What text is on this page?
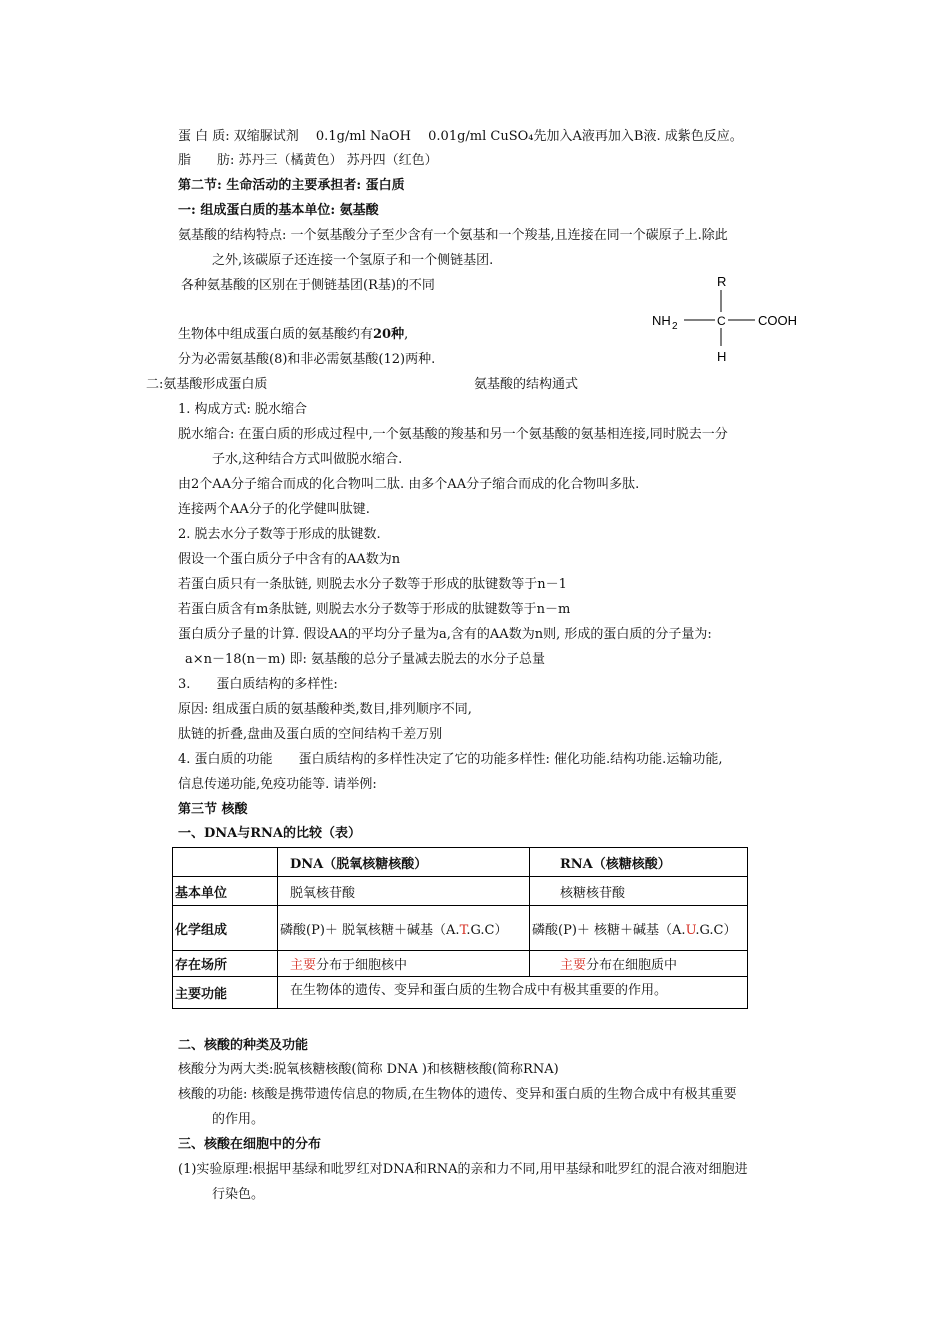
蛋 白 质: 双缩脲试剂　 0.1g/ml NaOH　 0.01g/ml CuSO₄先加入A液再加入B液. 成紫色反应。
脂　　肪: 苏丹三（橘黄色） 苏丹四（红色）
第二节: 生命活动的主要承担者: 蛋白质
一: 组成蛋白质的基本单位: 氨基酸
氨基酸的结构特点: 一个氨基酸分子至少含有一个氨基和一个羧基,且连接在同一个碳原子上.除此
之外,该碳原子还连接一个氢原子和一个侧链基团.
各种氨基酸的区别在于侧链基团(R基)的不同
生物体中组成蛋白质的氨基酸约有20种,
分为必需氨基酸(8)和非必需氨基酸(12)两种.
二:氨基酸形成蛋白质	氨基酸的结构通式
R
NH 2	C COOH
H
1. 构成方式: 脱水缩合
脱水缩合: 在蛋白质的形成过程中,一个氨基酸的羧基和另一个氨基酸的氨基相连接,同时脱去一分
子水,这种结合方式叫做脱水缩合.
由2个AA分子缩合而成的化合物叫二肽. 由多个AA分子缩合而成的化合物叫多肽.
连接两个AA分子的化学健叫肽键.
2. 脱去水分子数等于形成的肽键数.
假设一个蛋白质分子中含有的AA数为n
若蛋白质只有一条肽链, 则脱去水分子数等于形成的肽键数等于n－1
若蛋白质含有m条肽链, 则脱去水分子数等于形成的肽键数等于n－m
蛋白质分子量的计算. 假设AA的平均分子量为a,含有的AA数为n则, 形成的蛋白质的分子量为:
a×n－18(n－m) 即: 氨基酸的总分子量减去脱去的水分子总量
3.　　蛋白质结构的多样性:
原因: 组成蛋白质的氨基酸种类,数目,排列顺序不同,
肽链的折叠,盘曲及蛋白质的空间结构千差万别
4. 蛋白质的功能　　蛋白质结构的多样性决定了它的功能多样性: 催化功能.结构功能.运输功能,
信息传递功能,免疫功能等. 请举例:
第三节 核酸
一、DNA与RNA的比较（表）
	DNA（脱氧核糖核酸）	RNA（核糖核酸）
基本单位	脱氧核苷酸	核糖核苷酸
化学组成	磷酸(P)＋ 脱氧核糖＋碱基（A.T.G.C）	磷酸(P)＋ 核糖＋碱基（A.U.G.C）
存在场所	主要分布于细胞核中	主要分布在细胞质中
主要功能	在生物体的遗传、变异和蛋白质的生物合成中有极其重要的作用。	
二、核酸的种类及功能
核酸分为两大类:脱氧核糖核酸(简称 DNA )和核糖核酸(简称RNA)
核酸的功能: 核酸是携带遗传信息的物质,在生物体的遗传、变异和蛋白质的生物合成中有极其重要
的作用。
三、核酸在细胞中的分布
(1)实验原理:根据甲基绿和吡罗红对DNA和RNA的亲和力不同,用甲基绿和吡罗红的混合液对细胞进
行染色。
